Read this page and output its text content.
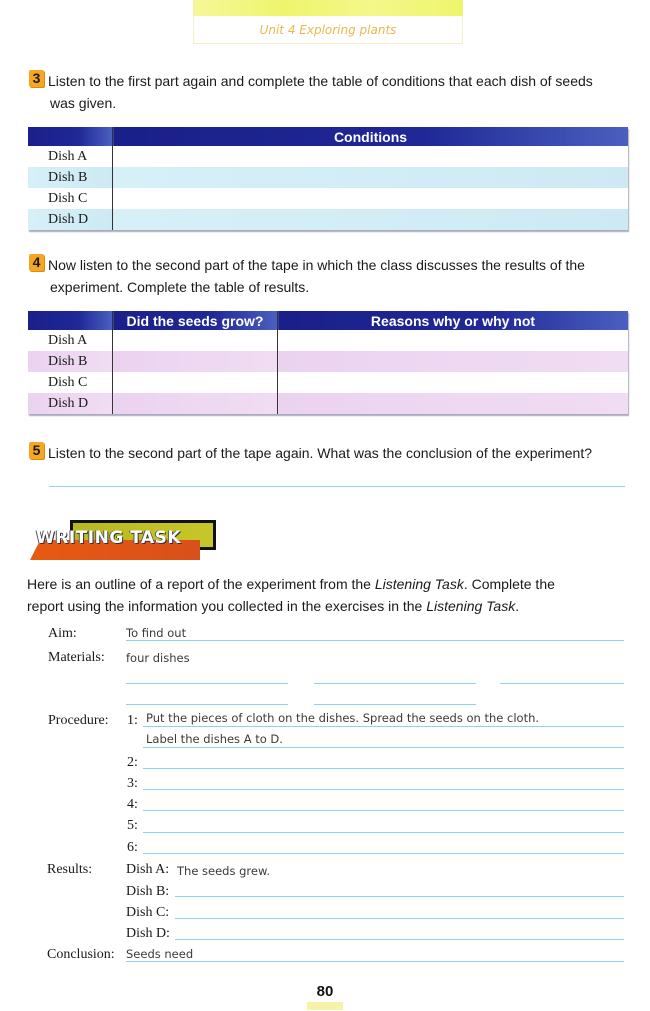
Unit 4 Exploring plants
3 Listen to the first part again and complete the table of conditions that each dish of seeds
was given.
	Conditions
Dish A	
Dish B	
Dish C	
Dish D	
4 Now listen to the second part of the tape in which the class discusses the results of the
experiment. Complete the table of results.
	Did the seeds grow?	Reasons why or why not
Dish A		
Dish B		
Dish C		
Dish D		
5 Listen to the second part of the tape again. What was the conclusion of the experiment?
WRITING TASK
Here is an outline of a report of the experiment from the Listening Task. Complete the
report using the information you collected in the exercises in the Listening Task.
Aim:	To find out
Materials: four dishes
Procedure: 1: Put the pieces of cloth on the dishes. Spread the seeds on the cloth.
Label the dishes A to D.
2:
3:
4:
5:
6:
Results: Dish A: The seeds grew.
Dish B:
Dish C:
Dish D:
Conclusion: Seeds need
80
